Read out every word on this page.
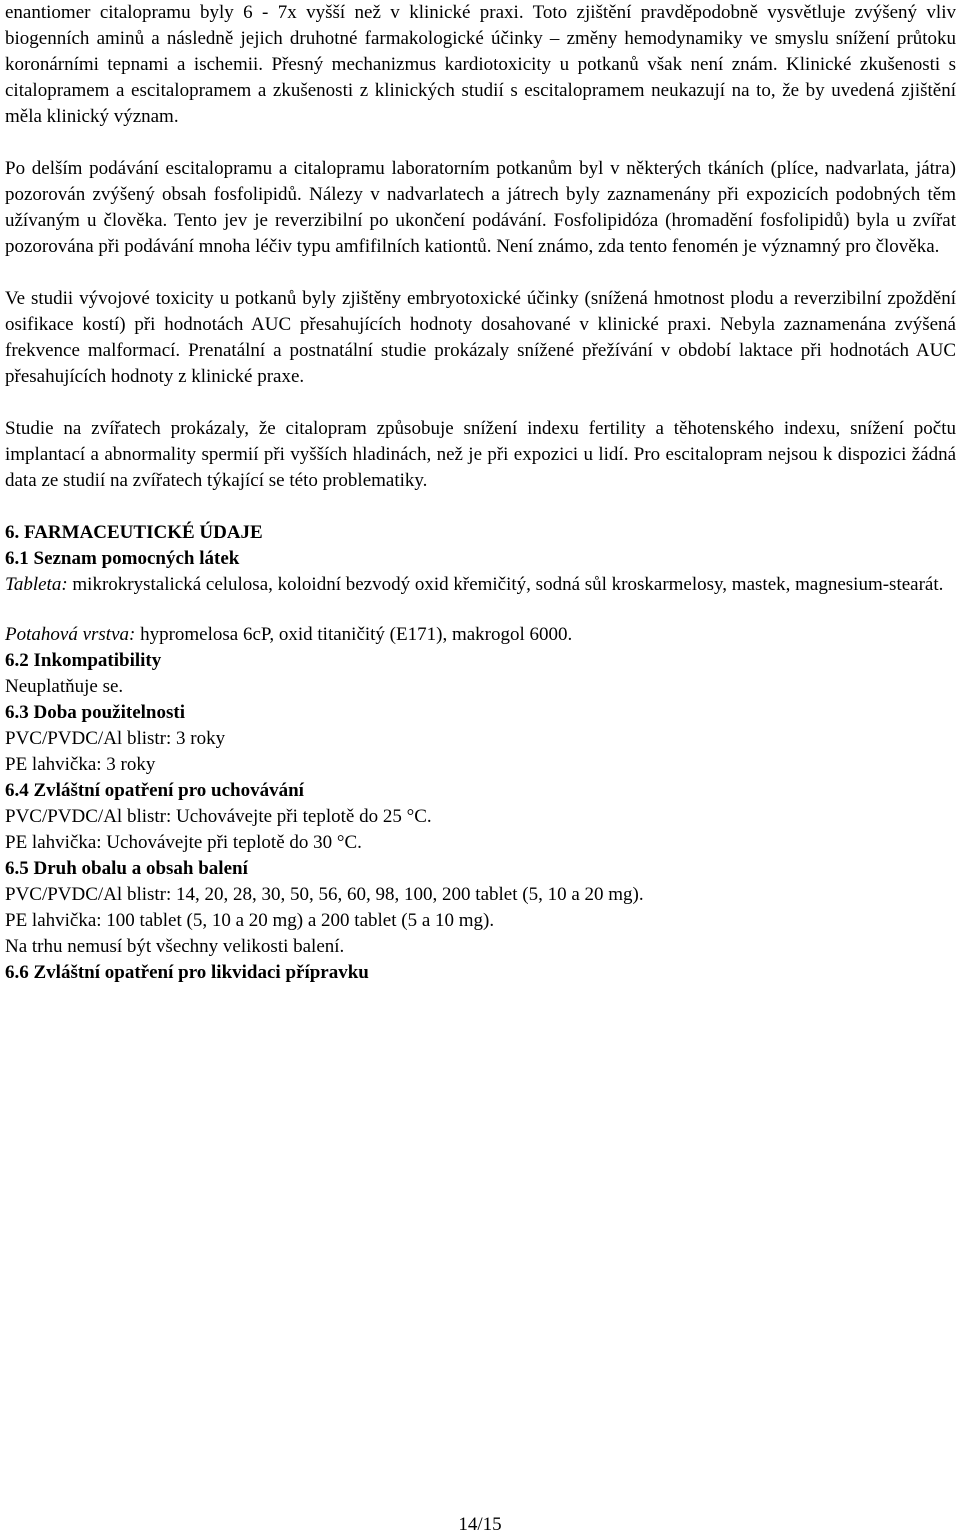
enantiomer citalopramu byly 6 - 7x vyšší než v klinické praxi. Toto zjištění pravděpodobně vysvětluje zvýšený vliv biogenních aminů a následně jejich druhotné farmakologické účinky – změny hemodynamiky ve smyslu snížení průtoku koronárními tepnami a ischemii. Přesný mechanizmus kardiotoxicity u potkanů však není znám. Klinické zkušenosti s citalopramem a escitalopramem a zkušenosti z klinických studií s escitalopramem neukazují na to, že by uvedená zjištění měla klinický význam.

Po delším podávání escitalopramu a citalopramu laboratorním potkanům byl v některých tkáních (plíce, nadvarlata, játra) pozorován zvýšený obsah fosfolipidů. Nálezy v nadvarlatech a játrech byly zaznamenány při expozicích podobných těm užívaným u člověka. Tento jev je reverzibilní po ukončení podávání. Fosfolipidóza (hromadění fosfolipidů) byla u zvířat pozorována při podávání mnoha léčiv typu amfifilních kationtů. Není známo, zda tento fenomén je významný pro člověka.

Ve studii vývojové toxicity u potkanů byly zjištěny embryotoxické účinky (snížená hmotnost plodu a reverzibilní zpoždění osifikace kostí) při hodnotách AUC přesahujících hodnoty dosahované v klinické praxi. Nebyla zaznamenána zvýšená frekvence malformací. Prenatální a postnatální studie prokázaly snížené přežívání v období laktace při hodnotách AUC přesahujících hodnoty z klinické praxe.

Studie na zvířatech prokázaly, že citalopram způsobuje snížení indexu fertility a těhotenského indexu, snížení počtu implantací a abnormality spermií při vyšších hladinách, než je při expozici u lidí. Pro escitalopram nejsou k dispozici žádná data ze studií na zvířatech týkající se této problematiky.

6. FARMACEUTICKÉ ÚDAJE

6.1 Seznam pomocných látek

Tableta: mikrokrystalická celulosa, koloidní bezvodý oxid křemičitý, sodná sůl kroskarmelosy, mastek, magnesium-stearát.

Potahová vrstva: hypromelosa 6cP, oxid titaničitý (E171), makrogol 6000.

6.2 Inkompatibility

Neuplatňuje se.

6.3 Doba použitelnosti

PVC/PVDC/Al blistr: 3 roky

PE lahvička: 3 roky

6.4 Zvláštní opatření pro uchovávání

PVC/PVDC/Al blistr: Uchovávejte při teplotě do 25 °C.

PE lahvička: Uchovávejte při teplotě do 30 °C.

6.5 Druh obalu a obsah balení

PVC/PVDC/Al blistr: 14, 20, 28, 30, 50, 56, 60, 98, 100, 200 tablet (5, 10 a 20 mg).

PE lahvička: 100 tablet (5, 10 a 20 mg) a 200 tablet (5 a 10 mg).

Na trhu nemusí být všechny velikosti balení.

6.6 Zvláštní opatření pro likvidaci přípravku

14/15
